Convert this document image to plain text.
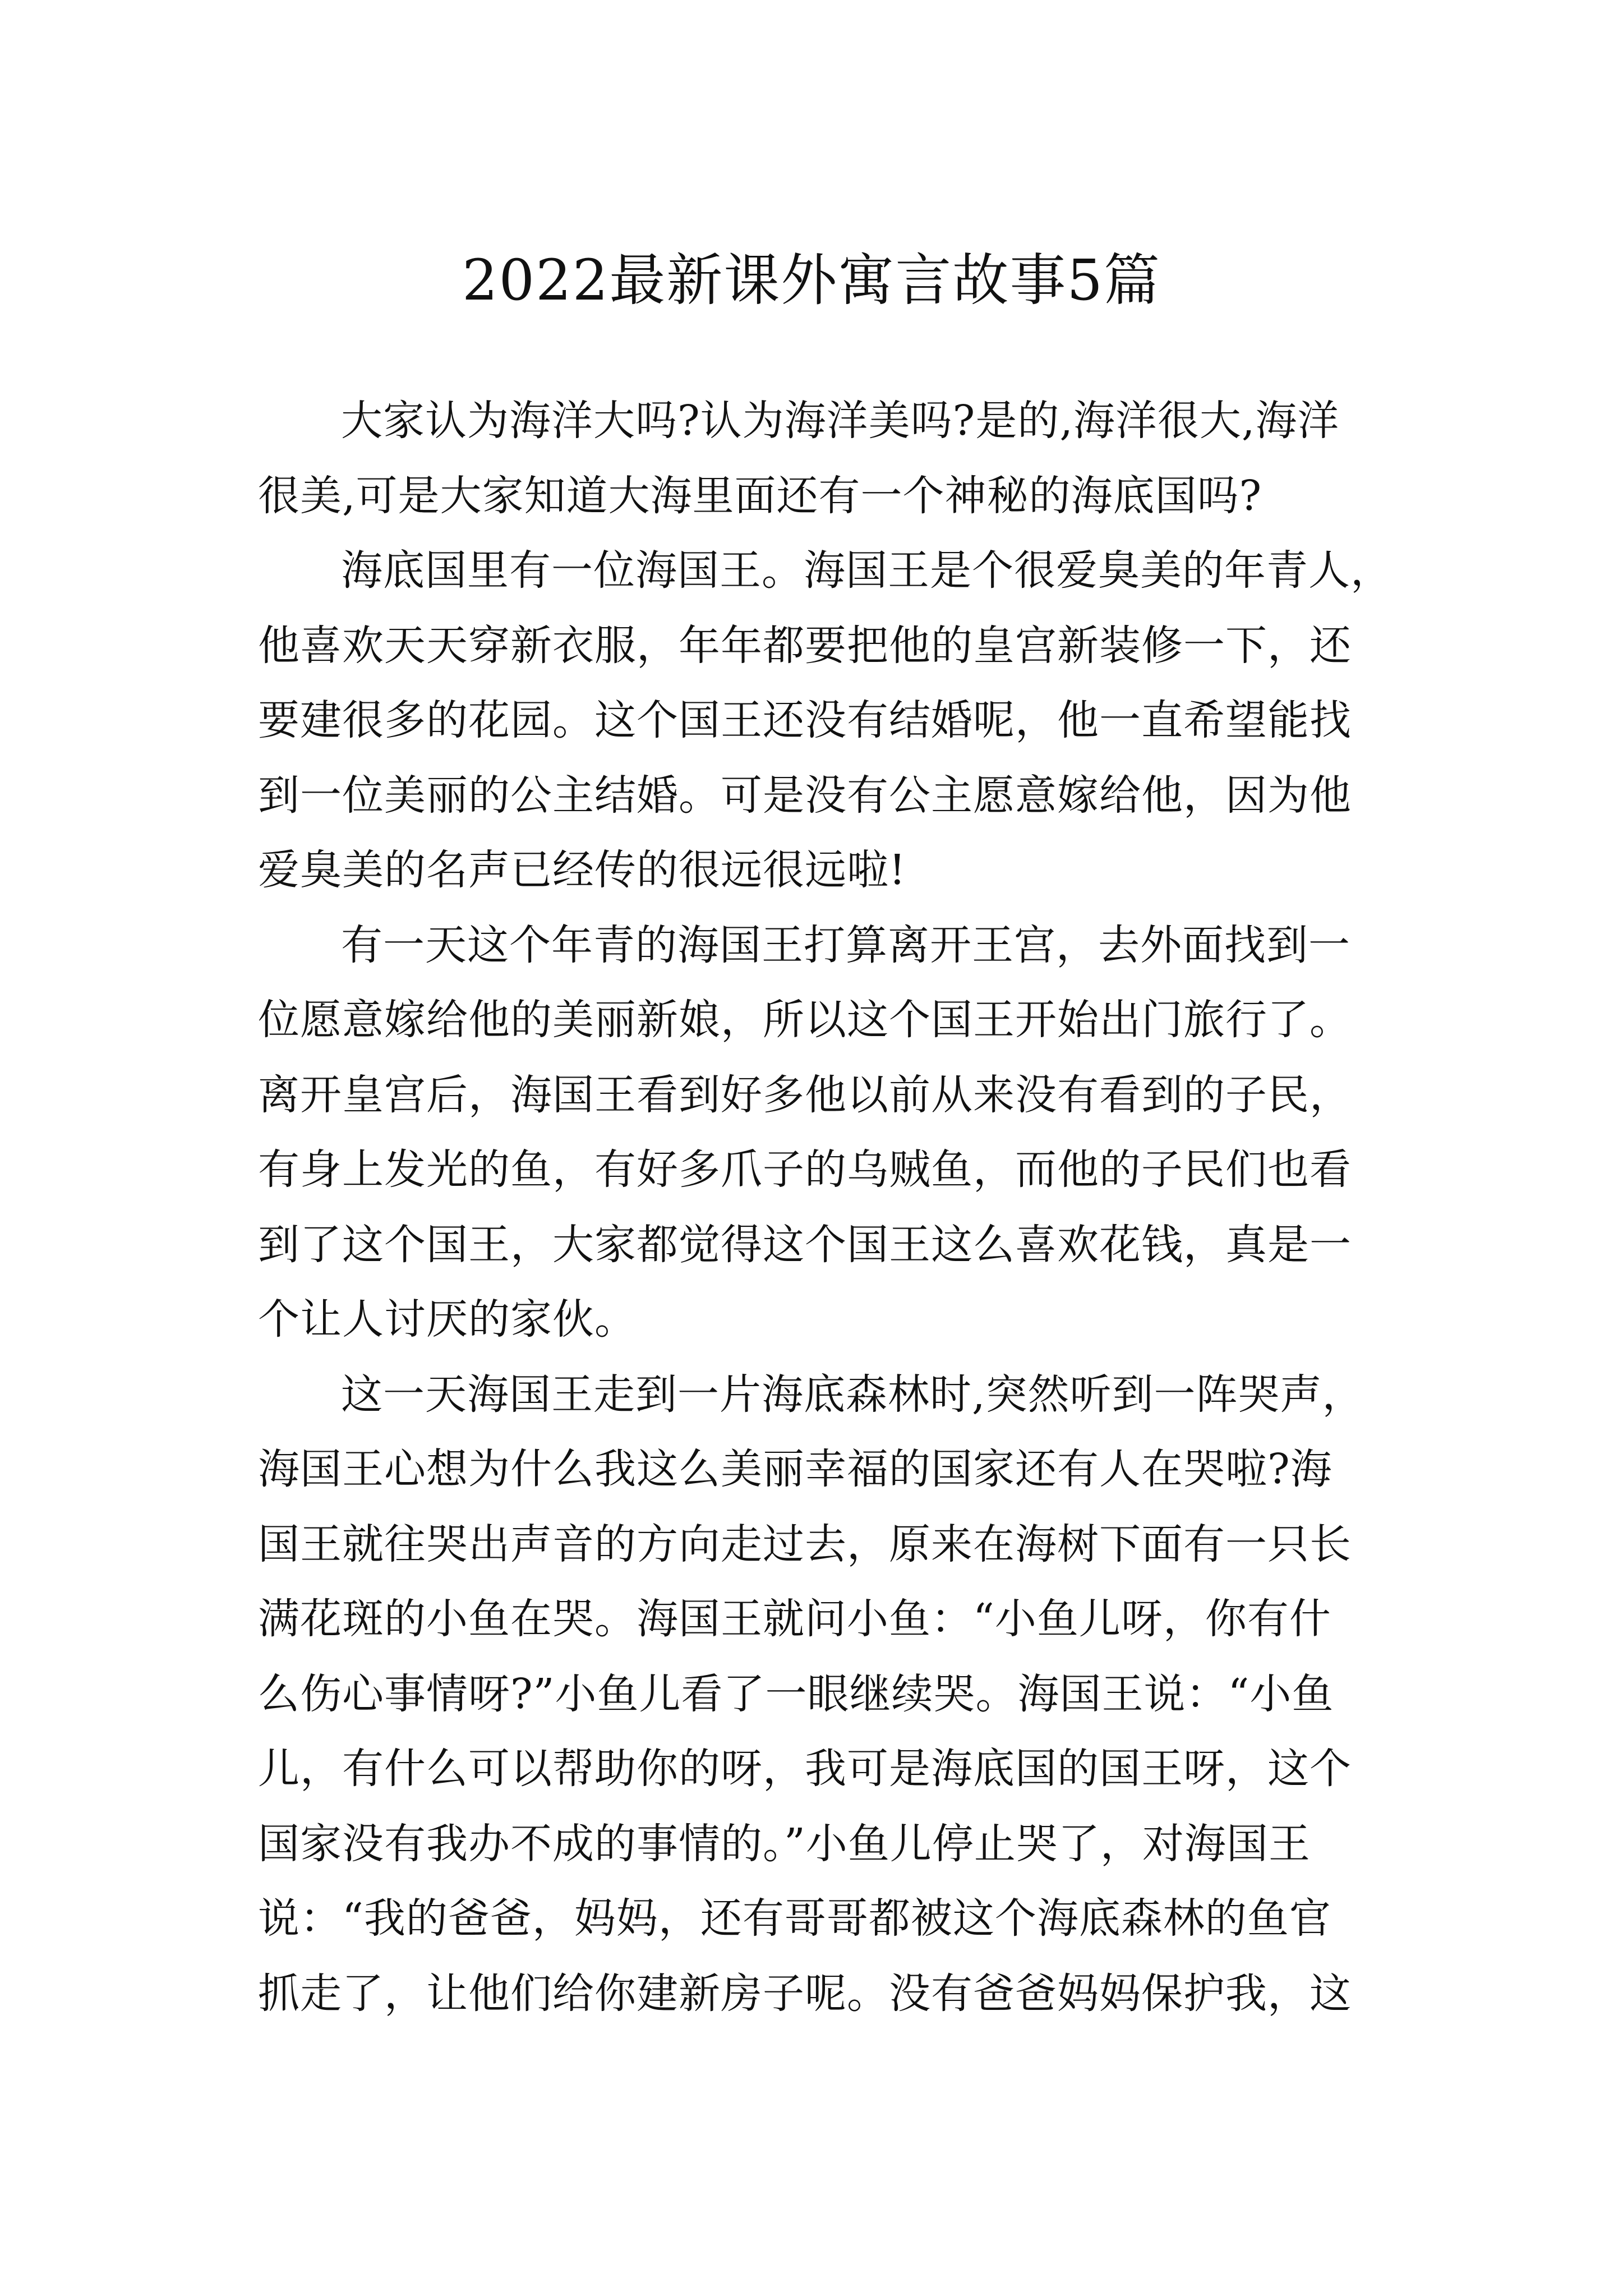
2022最新课外寓言故事5篇
大家认为海洋大吗?认为海洋美吗?是的,海洋很大,海洋
很美,可是大家知道大海里面还有一个神秘的海底国吗?
海底国里有一位海国王。海国王是个很爱臭美的年青人，
他喜欢天天穿新衣服，年年都要把他的皇宫新装修一下，还
要建很多的花园。这个国王还没有结婚呢，他一直希望能找
到一位美丽的公主结婚。可是没有公主愿意嫁给他，因为他
爱臭美的名声已经传的很远很远啦!
有一天这个年青的海国王打算离开王宫，去外面找到一
位愿意嫁给他的美丽新娘，所以这个国王开始出门旅行了。
离开皇宫后，海国王看到好多他以前从来没有看到的子民，
有身上发光的鱼，有好多爪子的乌贼鱼，而他的子民们也看
到了这个国王，大家都觉得这个国王这么喜欢花钱，真是一
个让人讨厌的家伙。
这一天海国王走到一片海底森林时,突然听到一阵哭声，
海国王心想为什么我这么美丽幸福的国家还有人在哭啦?海
国王就往哭出声音的方向走过去，原来在海树下面有一只长
满花斑的小鱼在哭。海国王就问小鱼：“小鱼儿呀，你有什
么伤心事情呀?”小鱼儿看了一眼继续哭。海国王说：“小鱼
儿，有什么可以帮助你的呀，我可是海底国的国王呀，这个
国家没有我办不成的事情的。”小鱼儿停止哭了，对海国王
说：“我的爸爸，妈妈，还有哥哥都被这个海底森林的鱼官
抓走了，让他们给你建新房子呢。没有爸爸妈妈保护我，这
